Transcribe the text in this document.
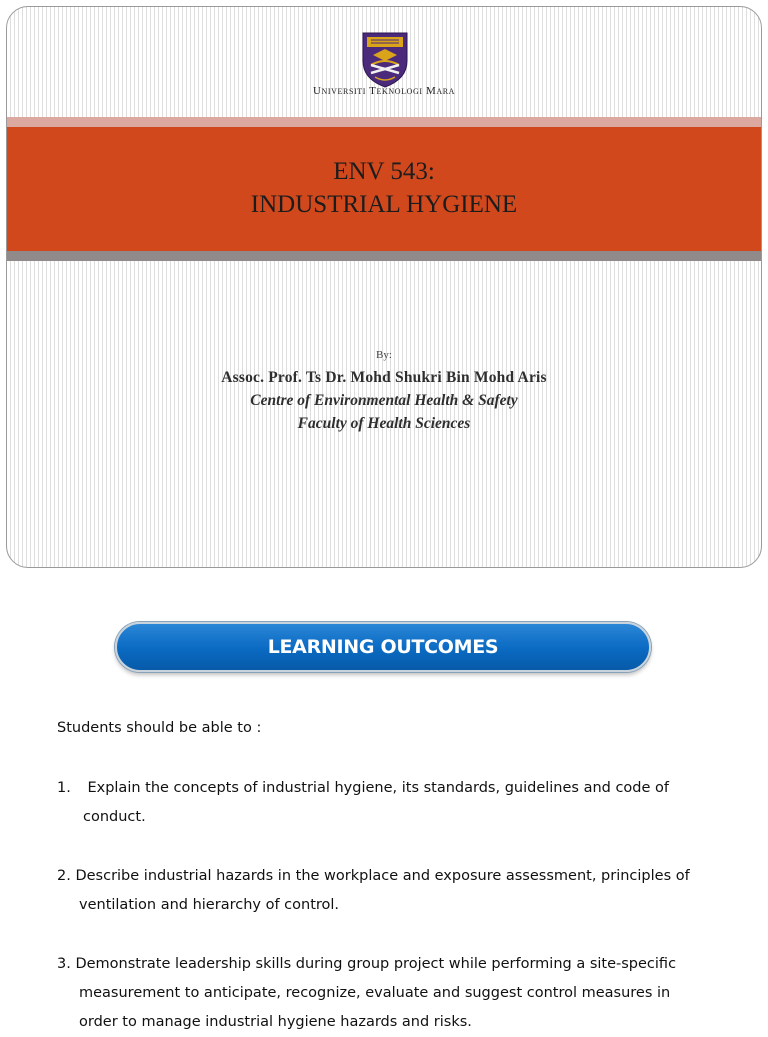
Universiti Teknologi Mara
ENV 543:
INDUSTRIAL HYGIENE
By:
Assoc. Prof. Ts Dr. Mohd Shukri Bin Mohd Aris
Centre of Environmental Health & Safety
Faculty of Health Sciences
LEARNING OUTCOMES
Students should be able to :
1. Explain the concepts of industrial hygiene, its standards, guidelines and code of
conduct.
2. Describe industrial hazards in the workplace and exposure assessment, principles of
ventilation and hierarchy of control.
3. Demonstrate leadership skills during group project while performing a site-specific
measurement to anticipate, recognize, evaluate and suggest control measures in
order to manage industrial hygiene hazards and risks.
